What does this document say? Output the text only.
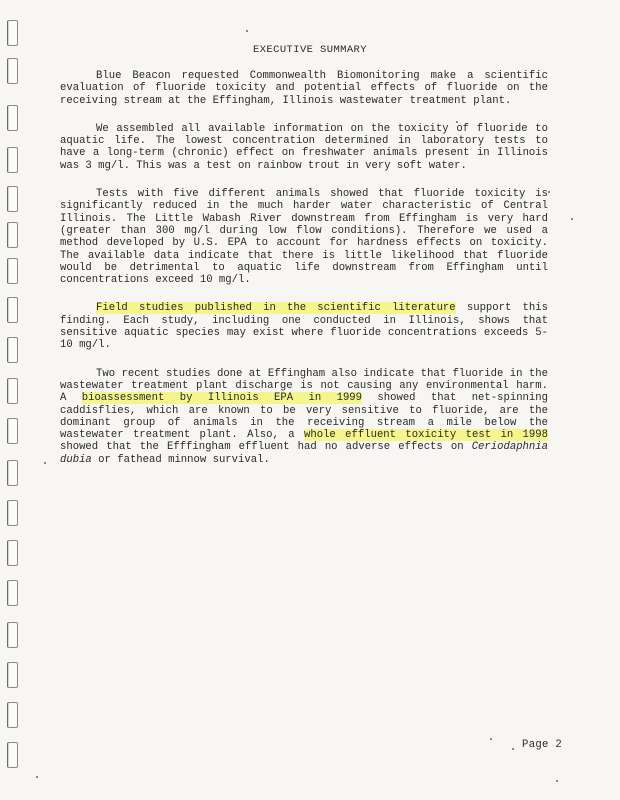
EXECUTIVE SUMMARY

Blue Beacon requested Commonwealth Biomonitoring make a scientific evaluation of fluoride toxicity and potential effects of fluoride on the receiving stream at the Effingham, Illinois wastewater treatment plant.

We assembled all available information on the toxicity of fluoride to aquatic life. The lowest concentration determined in laboratory tests to have a long-term (chronic) effect on freshwater animals present in Illinois was 3 mg/l. This was a test on rainbow trout in very soft water.

Tests with five different animals showed that fluoride toxicity is significantly reduced in the much harder water characteristic of Central Illinois. The Little Wabash River downstream from Effingham is very hard (greater than 300 mg/l during low flow conditions). Therefore we used a method developed by U.S. EPA to account for hardness effects on toxicity. The available data indicate that there is little likelihood that fluoride would be detrimental to aquatic life downstream from Effingham until concentrations exceed 10 mg/l.

Field studies published in the scientific literature support this finding. Each study, including one conducted in Illinois, shows that sensitive aquatic species may exist where fluoride concentrations exceeds 5-10 mg/l.

Two recent studies done at Effingham also indicate that fluoride in the wastewater treatment plant discharge is not causing any environmental harm. A bioassessment by Illinois EPA in 1999 showed that net-spinning caddisflies, which are known to be very sensitive to fluoride, are the dominant group of animals in the receiving stream a mile below the wastewater treatment plant. Also, a whole effluent toxicity test in 1998 showed that the Efffingham effluent had no adverse effects on Ceriodaphnia dubia or fathead minnow survival.

Page 2
